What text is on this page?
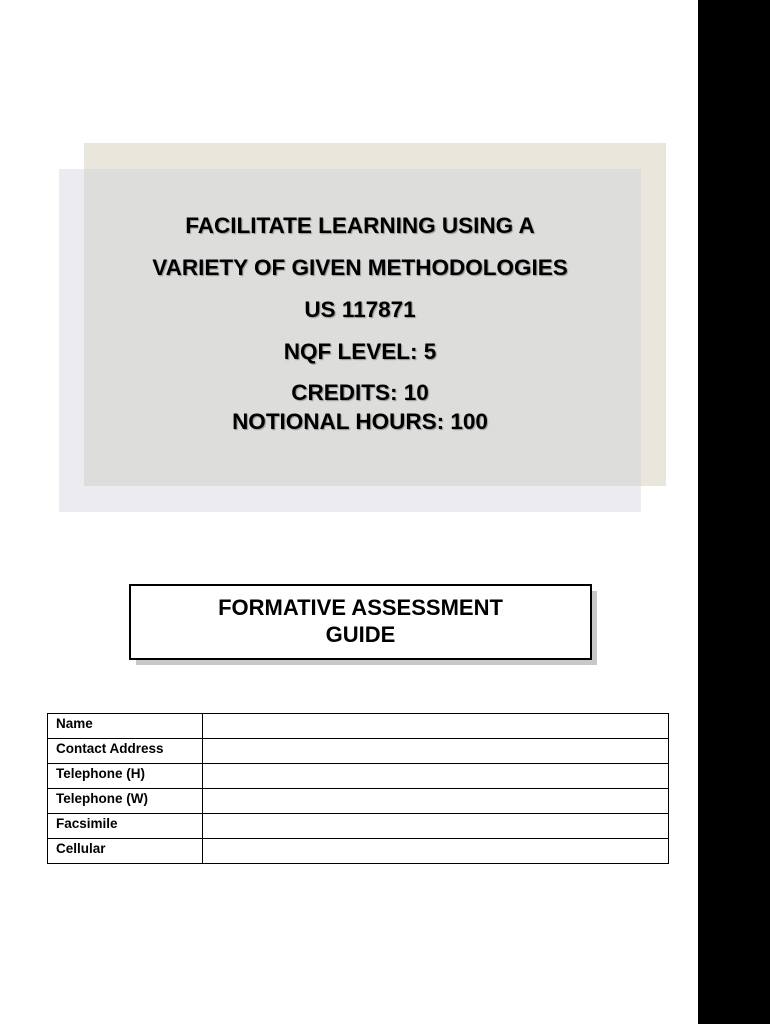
FACILITATE LEARNING USING A
VARIETY OF GIVEN METHODOLOGIES
US 117871
NQF LEVEL: 5
CREDITS: 10
NOTIONAL HOURS: 100
FORMATIVE ASSESSMENT
GUIDE
Name	
Contact Address	
Telephone (H)	
Telephone (W)	
Facsimile	
Cellular	
